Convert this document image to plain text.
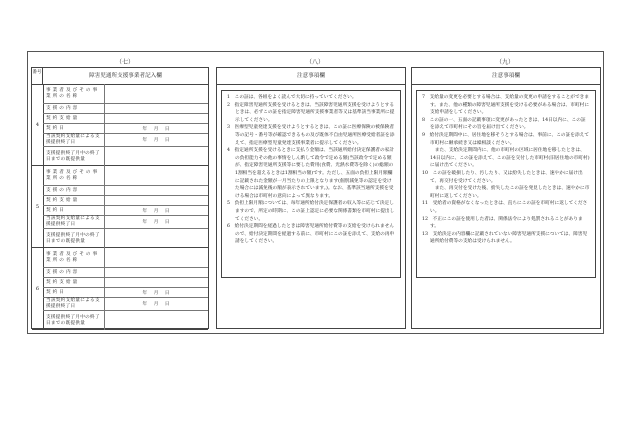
（七）	（八）	（九）
番号
障害児通所支援事業者記入欄
4
事 業 者 及 び そ の 事 業 所 の 名 称
支 援 の 内 容
契 約 支 給 量
契 約 日	年　月　日
当該契約支給量による支援提供終了日	年　月　日
支援提供終了月中の終了日までの既提供量
5
事 業 者 及 び そ の 事 業 所 の 名 称
支 援 の 内 容
契 約 支 給 量
契 約 日	年　月　日
当該契約支給量による支援提供終了日	年　月　日
支援提供終了月中の終了日までの既提供量
6
事 業 者 及 び そ の 事 業 所 の 名 称
支 援 の 内 容
契 約 支 給 量
契 約 日	年　月　日
当該契約支給量による支援提供終了日	年　月　日
支援提供終了月中の終了日までの既提供量
注意事項欄

1　この証は、各組をよく読んで大切に持っていてください。

2　指定障害児通所支援を受けるときは、当該障害児通所支援を受けようとするときは、必ずこの証を指定障害児通所支援事業者等又は基準該当事業所に提示してください。

3　医療型児童発達支援を受けようとするときは、この証に医療保険の被保険者等の記号・番号等が確認できるもの及び既体不自由児通所医療受給者証を添えて、指定医療型児童発達支援事業者に提示してください。

4　指定通所支援を受けるときに支払う金額は、当該通所給付決定保護者の家計の負担能力その他の事情をしん酌して政令で定める額(当該政令で定める額が、指定障害児通所支援等に要した費用(食費、光熱水費等を除く)の総額の1割相当を超えるときは1割相当の額)です。ただし、五面の負担上限月額欄に記載された金額が一月当たりの上限となります(個別減免等の認定を受けた場合には減免後の額が表示されています。)。なお、基準該当通所支援を受ける場合は市町村の意向によって異なります。

5　負担上限月額については、毎年通所給付決定保護者の収入等に応じて決定しますので、所定の時期に、この証上認定に必要な関係書類を市町村に提出してください。

6　給付決定期間を経過したときは障害児通所給付費等の支給を受けられませんので、給付決定期間を経過する前に、市町村にこの証を添えて、支給の再申請をしてください。

注意事項欄

7　支給量の変更を必要とする場合は、支給量の変更の申請をすることができます。また、他の種類の障害児通所支援を受ける必要がある場合は、市町村に支給申請をしてください。

8　この証の一、五面の記載事項に変更があったときは、14日以内に、この証を添えて市町村にその旨を届け出てください。

9　給付決定期間中に、居住地を移そうとする場合は、事前に、この証を添えて市町村に継承続き又は繰相談ください。

　また、支給決定期間内に、他の市町村の区域に居住地を移したときは、14日以内に、この証を添えて、この証を交付した市町村(旧居住地の市町村)に届け出てください。

10　この証を破損したり、汚したり、又は紛失したときは、速やかに届け出て、再交付を受けてください。

　また、再交付を受けた後、紛失したこの証を発見したときは、速やかに市町村に返してください。

11　受給者の資格がなくなったときは、直ちにこの証を市町村に返してください。

12　不正にこの証を使用した者は、関係法令により処罰されることがあります。

13　支給決定の内容欄に記載されていない障害児通所支援については、障害児通所給付費等の支給は受けられません。
